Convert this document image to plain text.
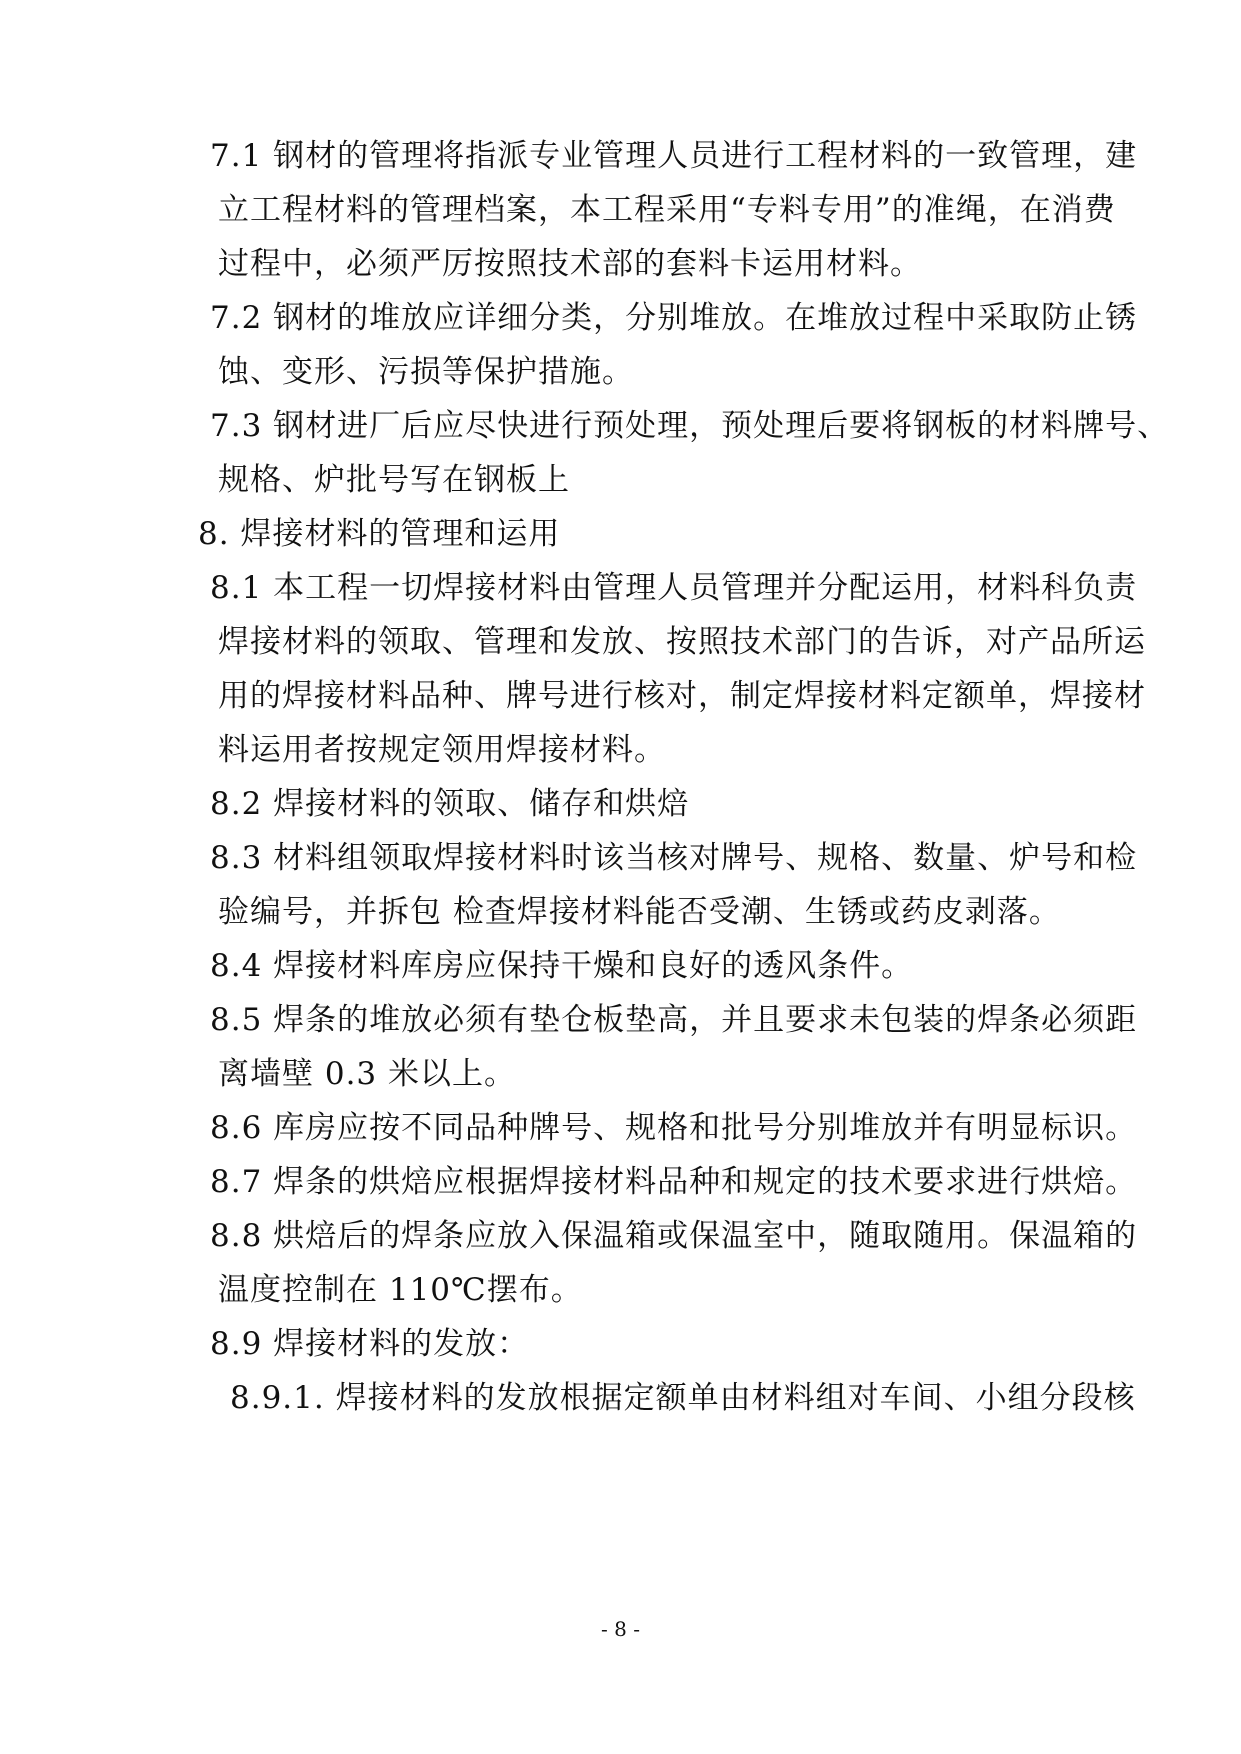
7.1 钢材的管理将指派专业管理人员进行工程材料的一致管理，建
立工程材料的管理档案，本工程采用“专料专用”的准绳，在消费
过程中，必须严厉按照技术部的套料卡运用材料。
7.2 钢材的堆放应详细分类，分别堆放。在堆放过程中采取防止锈
蚀、变形、污损等保护措施。
7.3 钢材进厂后应尽快进行预处理，预处理后要将钢板的材料牌号、
规格、炉批号写在钢板上
8. 焊接材料的管理和运用
8.1 本工程一切焊接材料由管理人员管理并分配运用，材料科负责
焊接材料的领取、管理和发放、按照技术部门的告诉，对产品所运
用的焊接材料品种、牌号进行核对，制定焊接材料定额单，焊接材
料运用者按规定领用焊接材料。
8.2 焊接材料的领取、储存和烘焙
8.3 材料组领取焊接材料时该当核对牌号、规格、数量、炉号和检
验编号，并拆包 检查焊接材料能否受潮、生锈或药皮剥落。
8.4 焊接材料库房应保持干燥和良好的透风条件。
8.5 焊条的堆放必须有垫仓板垫高，并且要求未包装的焊条必须距
离墙壁 0.3 米以上。
8.6 库房应按不同品种牌号、规格和批号分别堆放并有明显标识。
8.7 焊条的烘焙应根据焊接材料品种和规定的技术要求进行烘焙。
8.8 烘焙后的焊条应放入保温箱或保温室中，随取随用。保温箱的
温度控制在 110℃摆布。
8.9 焊接材料的发放：
8.9.1. 焊接材料的发放根据定额单由材料组对车间、小组分段核
- 8 -
